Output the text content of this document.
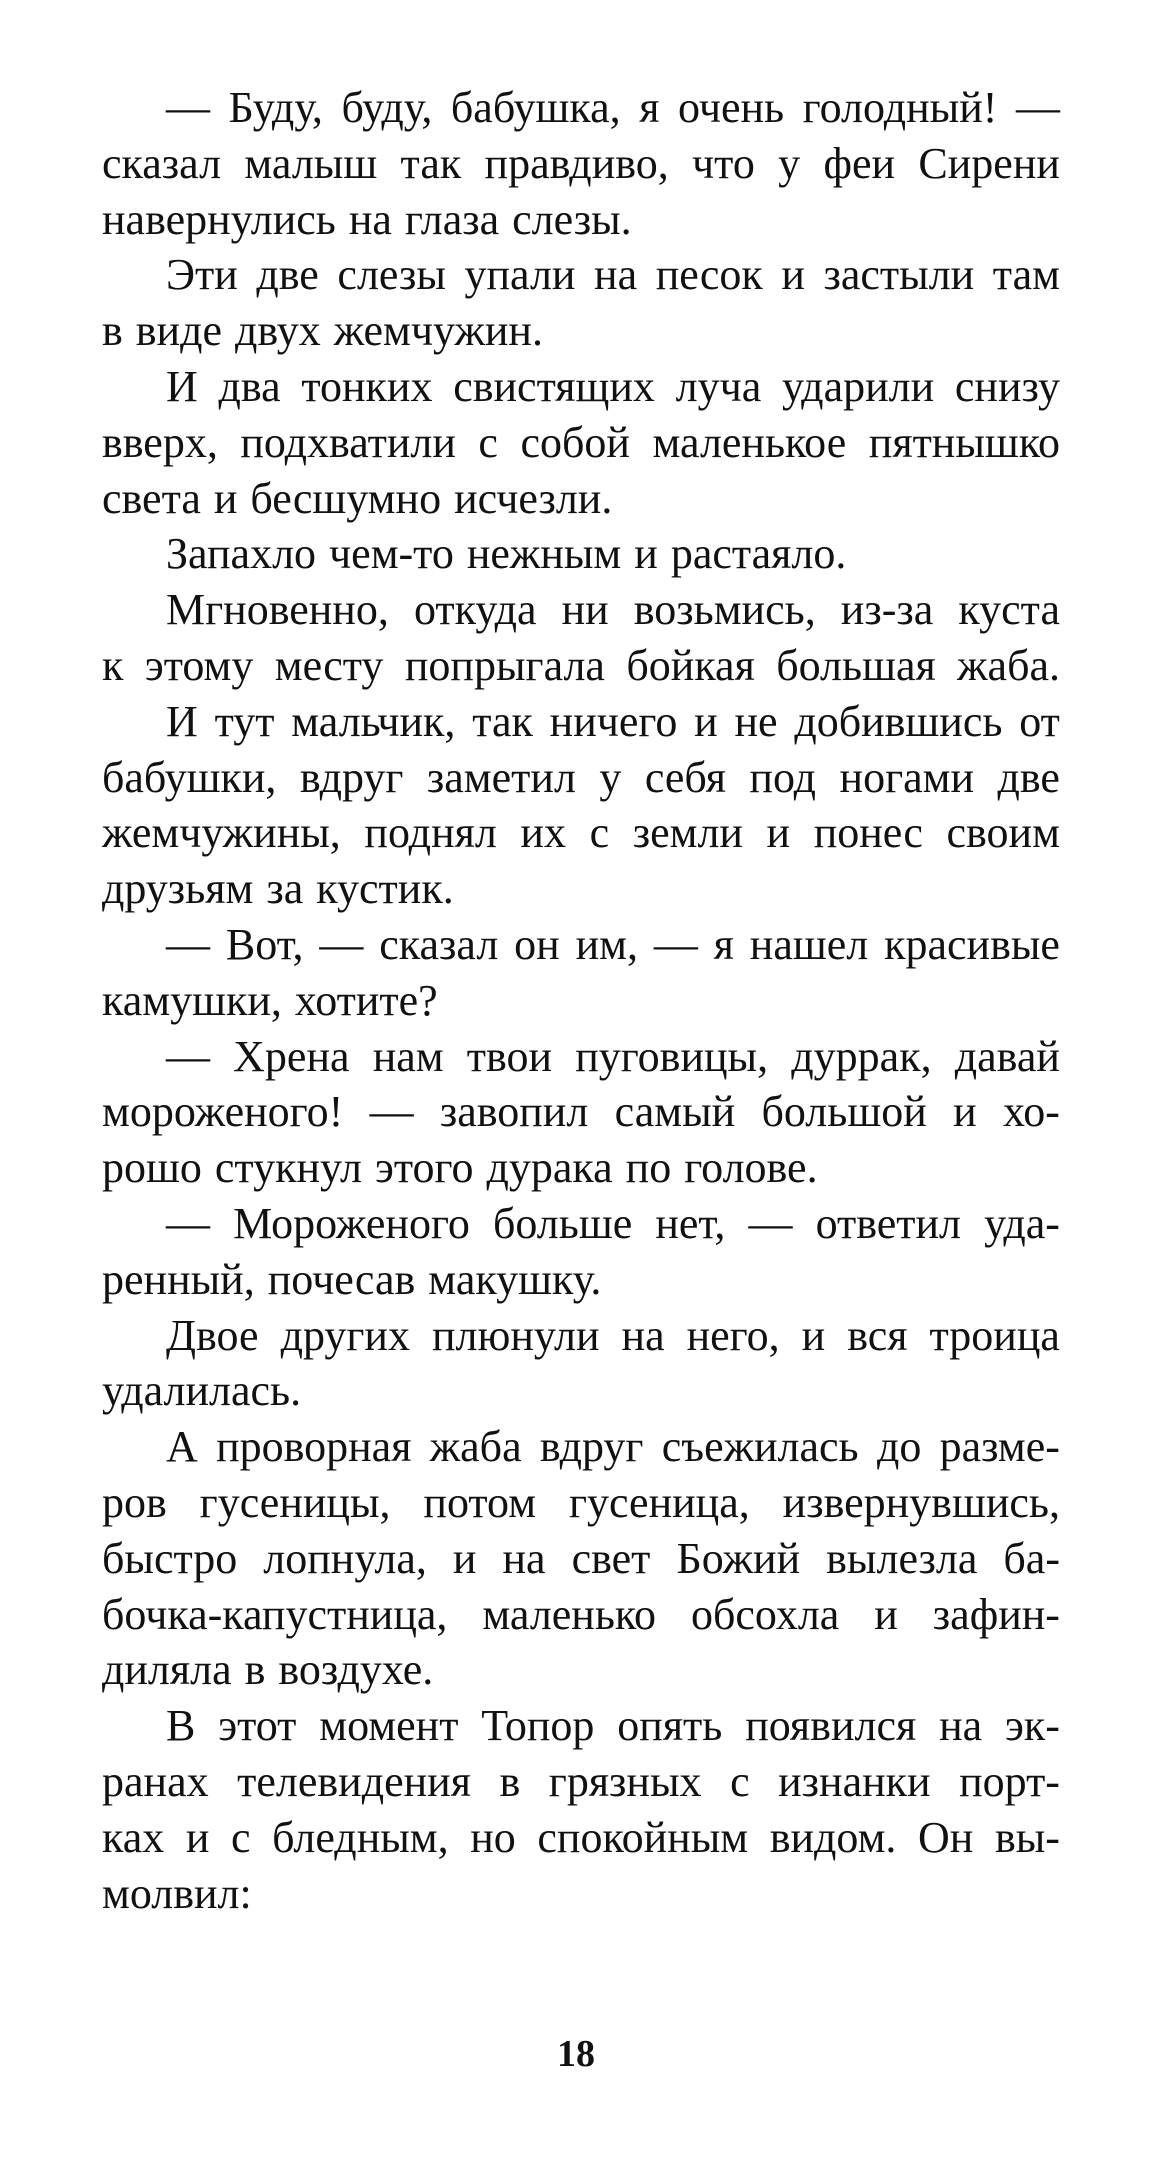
— Буду, буду, бабушка, я очень голодный! —
сказал малыш так правдиво, что у феи Сирени
навернулись на глаза слезы.
Эти две слезы упали на песок и застыли там
в виде двух жемчужин.
И два тонких свистящих луча ударили снизу
вверх, подхватили с собой маленькое пятнышко
света и бесшумно исчезли.
Запахло чем-то нежным и растаяло.
Мгновенно, откуда ни возьмись, из-за куста
к этому месту попрыгала бойкая большая жаба.
И тут мальчик, так ничего и не добившись от
бабушки, вдруг заметил у себя под ногами две
жемчужины, поднял их с земли и понес своим
друзьям за кустик.
— Вот, — сказал он им, — я нашел красивые
камушки, хотите?
— Хрена нам твои пуговицы, дуррак, давай
мороженого! — завопил самый большой и хо-
рошо стукнул этого дурака по голове.
— Мороженого больше нет, — ответил уда-
ренный, почесав макушку.
Двое других плюнули на него, и вся троица
удалилась.
А проворная жаба вдруг съежилась до разме-
ров гусеницы, потом гусеница, извернувшись,
быстро лопнула, и на свет Божий вылезла ба-
бочка-капустница, маленько обсохла и зафин-
диляла в воздухе.
В этот момент Топор опять появился на эк-
ранах телевидения в грязных с изнанки порт-
ках и с бледным, но спокойным видом. Он вы-
молвил:
18
